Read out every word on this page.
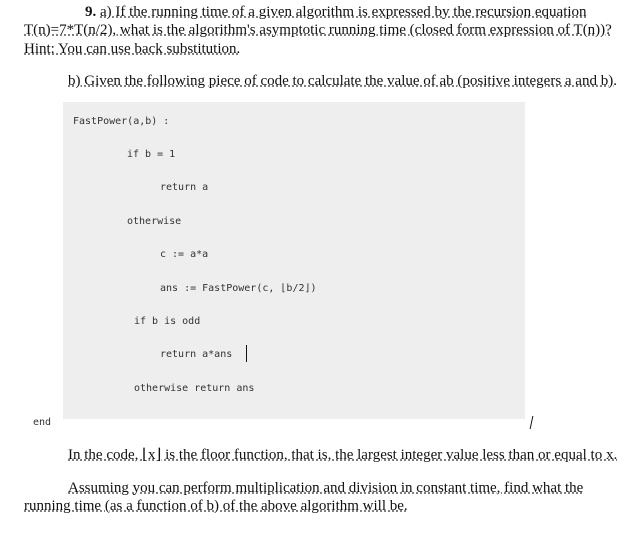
9. a) If the running time of a given algorithm is expressed by the recursion equation
T(n)=7*T(n/2), what is the algorithm's asymptotic running time (closed form expression of T(n))?
Hint: You can use back substitution.
b) Given the following piece of code to calculate the value of ab (positive integers a and b).
FastPower(a,b) :
if b = 1
return a
otherwise
c := a*a
ans := FastPower(c, ⌊b/2⌋)
if b is odd
return a*ans
otherwise return ans
end
In the code, ⌊x⌋ is the floor function, that is, the largest integer value less than or equal to x.
Assuming you can perform multiplication and division in constant time, find what the
running time (as a function of b) of the above algorithm will be.
